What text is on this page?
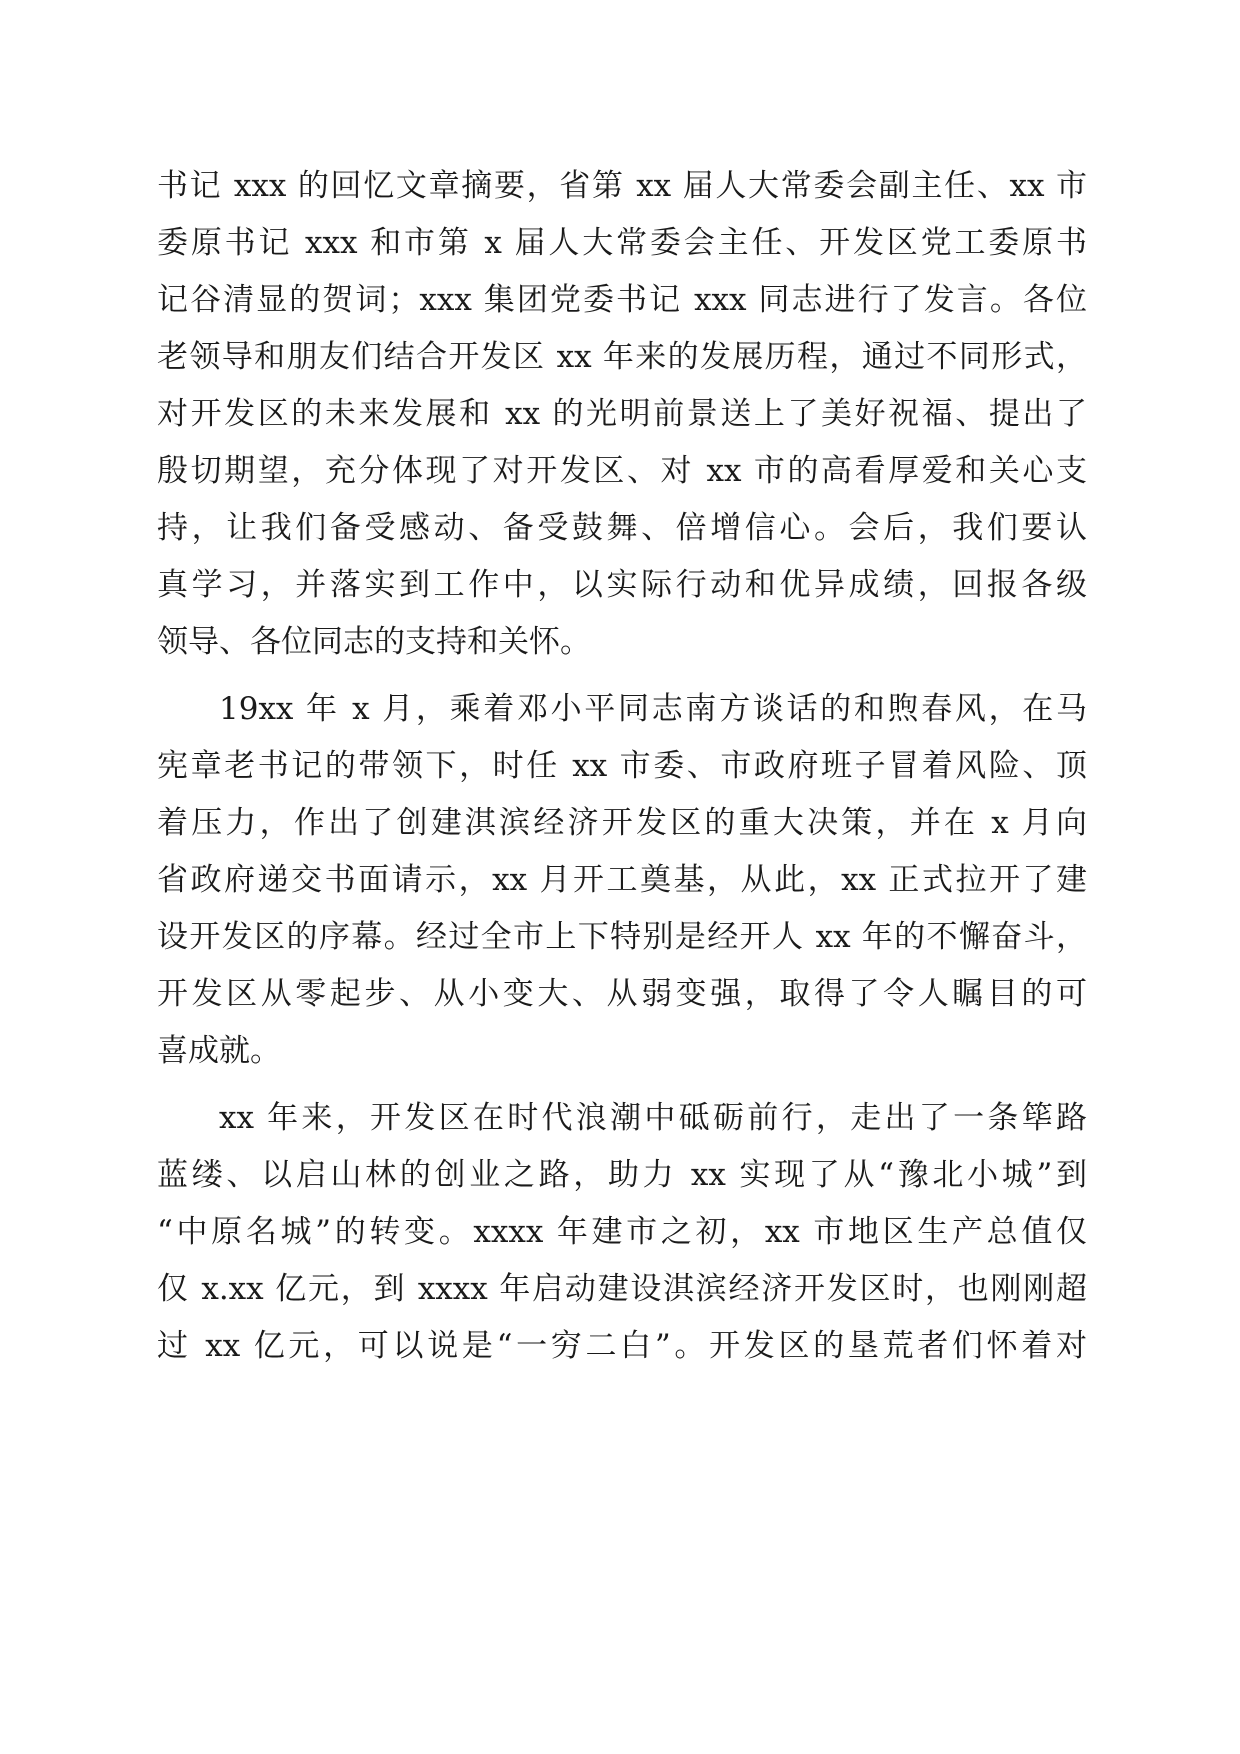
书记 xxx 的回忆文章摘要，省第 xx 届人大常委会副主任、xx 市
委原书记 xxx 和市第 x 届人大常委会主任、开发区党工委原书
记谷清显的贺词；xxx 集团党委书记 xxx 同志进行了发言。各位
老领导和朋友们结合开发区 xx 年来的发展历程，通过不同形式，
对开发区的未来发展和 xx 的光明前景送上了美好祝福、提出了
殷切期望，充分体现了对开发区、对 xx 市的高看厚爱和关心支
持，让我们备受感动、备受鼓舞、倍增信心。会后，我们要认
真学习，并落实到工作中，以实际行动和优异成绩，回报各级
领导、各位同志的支持和关怀。
19xx 年 x 月，乘着邓小平同志南方谈话的和煦春风，在马
宪章老书记的带领下，时任 xx 市委、市政府班子冒着风险、顶
着压力，作出了创建淇滨经济开发区的重大决策，并在 x 月向
省政府递交书面请示，xx 月开工奠基，从此，xx 正式拉开了建
设开发区的序幕。经过全市上下特别是经开人 xx 年的不懈奋斗，
开发区从零起步、从小变大、从弱变强，取得了令人瞩目的可
喜成就。
xx 年来，开发区在时代浪潮中砥砺前行，走出了一条筚路
蓝缕、以启山林的创业之路，助力 xx 实现了从“豫北小城”到
“中原名城”的转变。xxxx 年建市之初，xx 市地区生产总值仅
仅 x.xx 亿元，到 xxxx 年启动建设淇滨经济开发区时，也刚刚超
过 xx 亿元，可以说是“一穷二白”。开发区的垦荒者们怀着对
